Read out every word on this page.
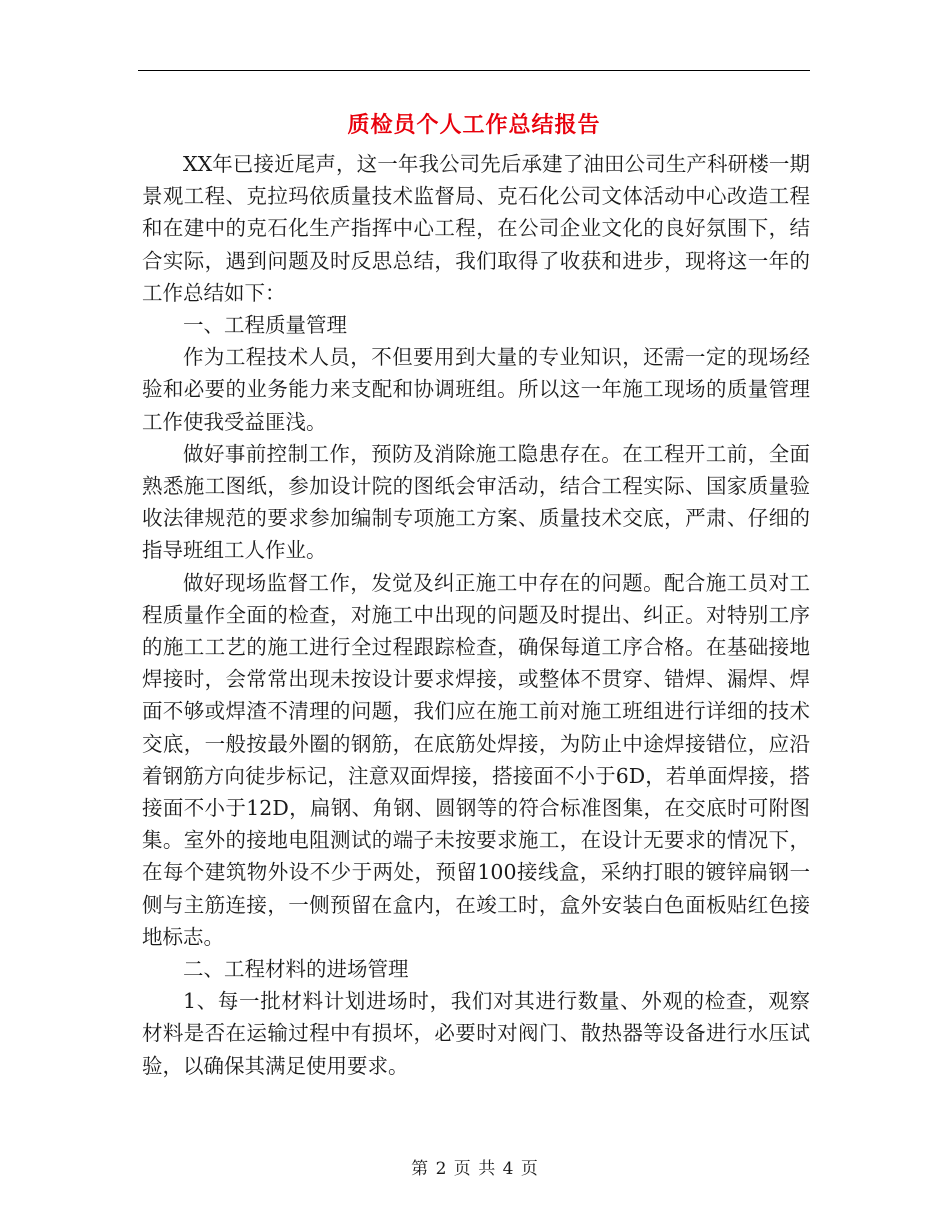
质检员个人工作总结报告

XX年已接近尾声，这一年我公司先后承建了油田公司生产科研楼一期景观工程、克拉玛依质量技术监督局、克石化公司文体活动中心改造工程和在建中的克石化生产指挥中心工程，在公司企业文化的良好氛围下，结合实际，遇到问题及时反思总结，我们取得了收获和进步，现将这一年的工作总结如下：

一、工程质量管理

作为工程技术人员，不但要用到大量的专业知识，还需一定的现场经验和必要的业务能力来支配和协调班组。所以这一年施工现场的质量管理工作使我受益匪浅。

做好事前控制工作，预防及消除施工隐患存在。在工程开工前，全面熟悉施工图纸，参加设计院的图纸会审活动，结合工程实际、国家质量验收法律规范的要求参加编制专项施工方案、质量技术交底，严肃、仔细的指导班组工人作业。

做好现场监督工作，发觉及纠正施工中存在的问题。配合施工员对工程质量作全面的检查，对施工中出现的问题及时提出、纠正。对特别工序的施工工艺的施工进行全过程跟踪检查，确保每道工序合格。在基础接地焊接时，会常常出现未按设计要求焊接，或整体不贯穿、错焊、漏焊、焊面不够或焊渣不清理的问题，我们应在施工前对施工班组进行详细的技术交底，一般按最外圈的钢筋，在底筋处焊接，为防止中途焊接错位，应沿着钢筋方向徒步标记，注意双面焊接，搭接面不小于6D，若单面焊接，搭接面不小于12D，扁钢、角钢、圆钢等的符合标准图集，在交底时可附图集。室外的接地电阻测试的端子未按要求施工，在设计无要求的情况下，在每个建筑物外设不少于两处，预留100接线盒，采纳打眼的镀锌扁钢一侧与主筋连接，一侧预留在盒内，在竣工时，盒外安装白色面板贴红色接地标志。

二、工程材料的进场管理

1、每一批材料计划进场时，我们对其进行数量、外观的检查，观察材料是否在运输过程中有损坏，必要时对阀门、散热器等设备进行水压试验，以确保其满足使用要求。

第 2 页 共 4 页
